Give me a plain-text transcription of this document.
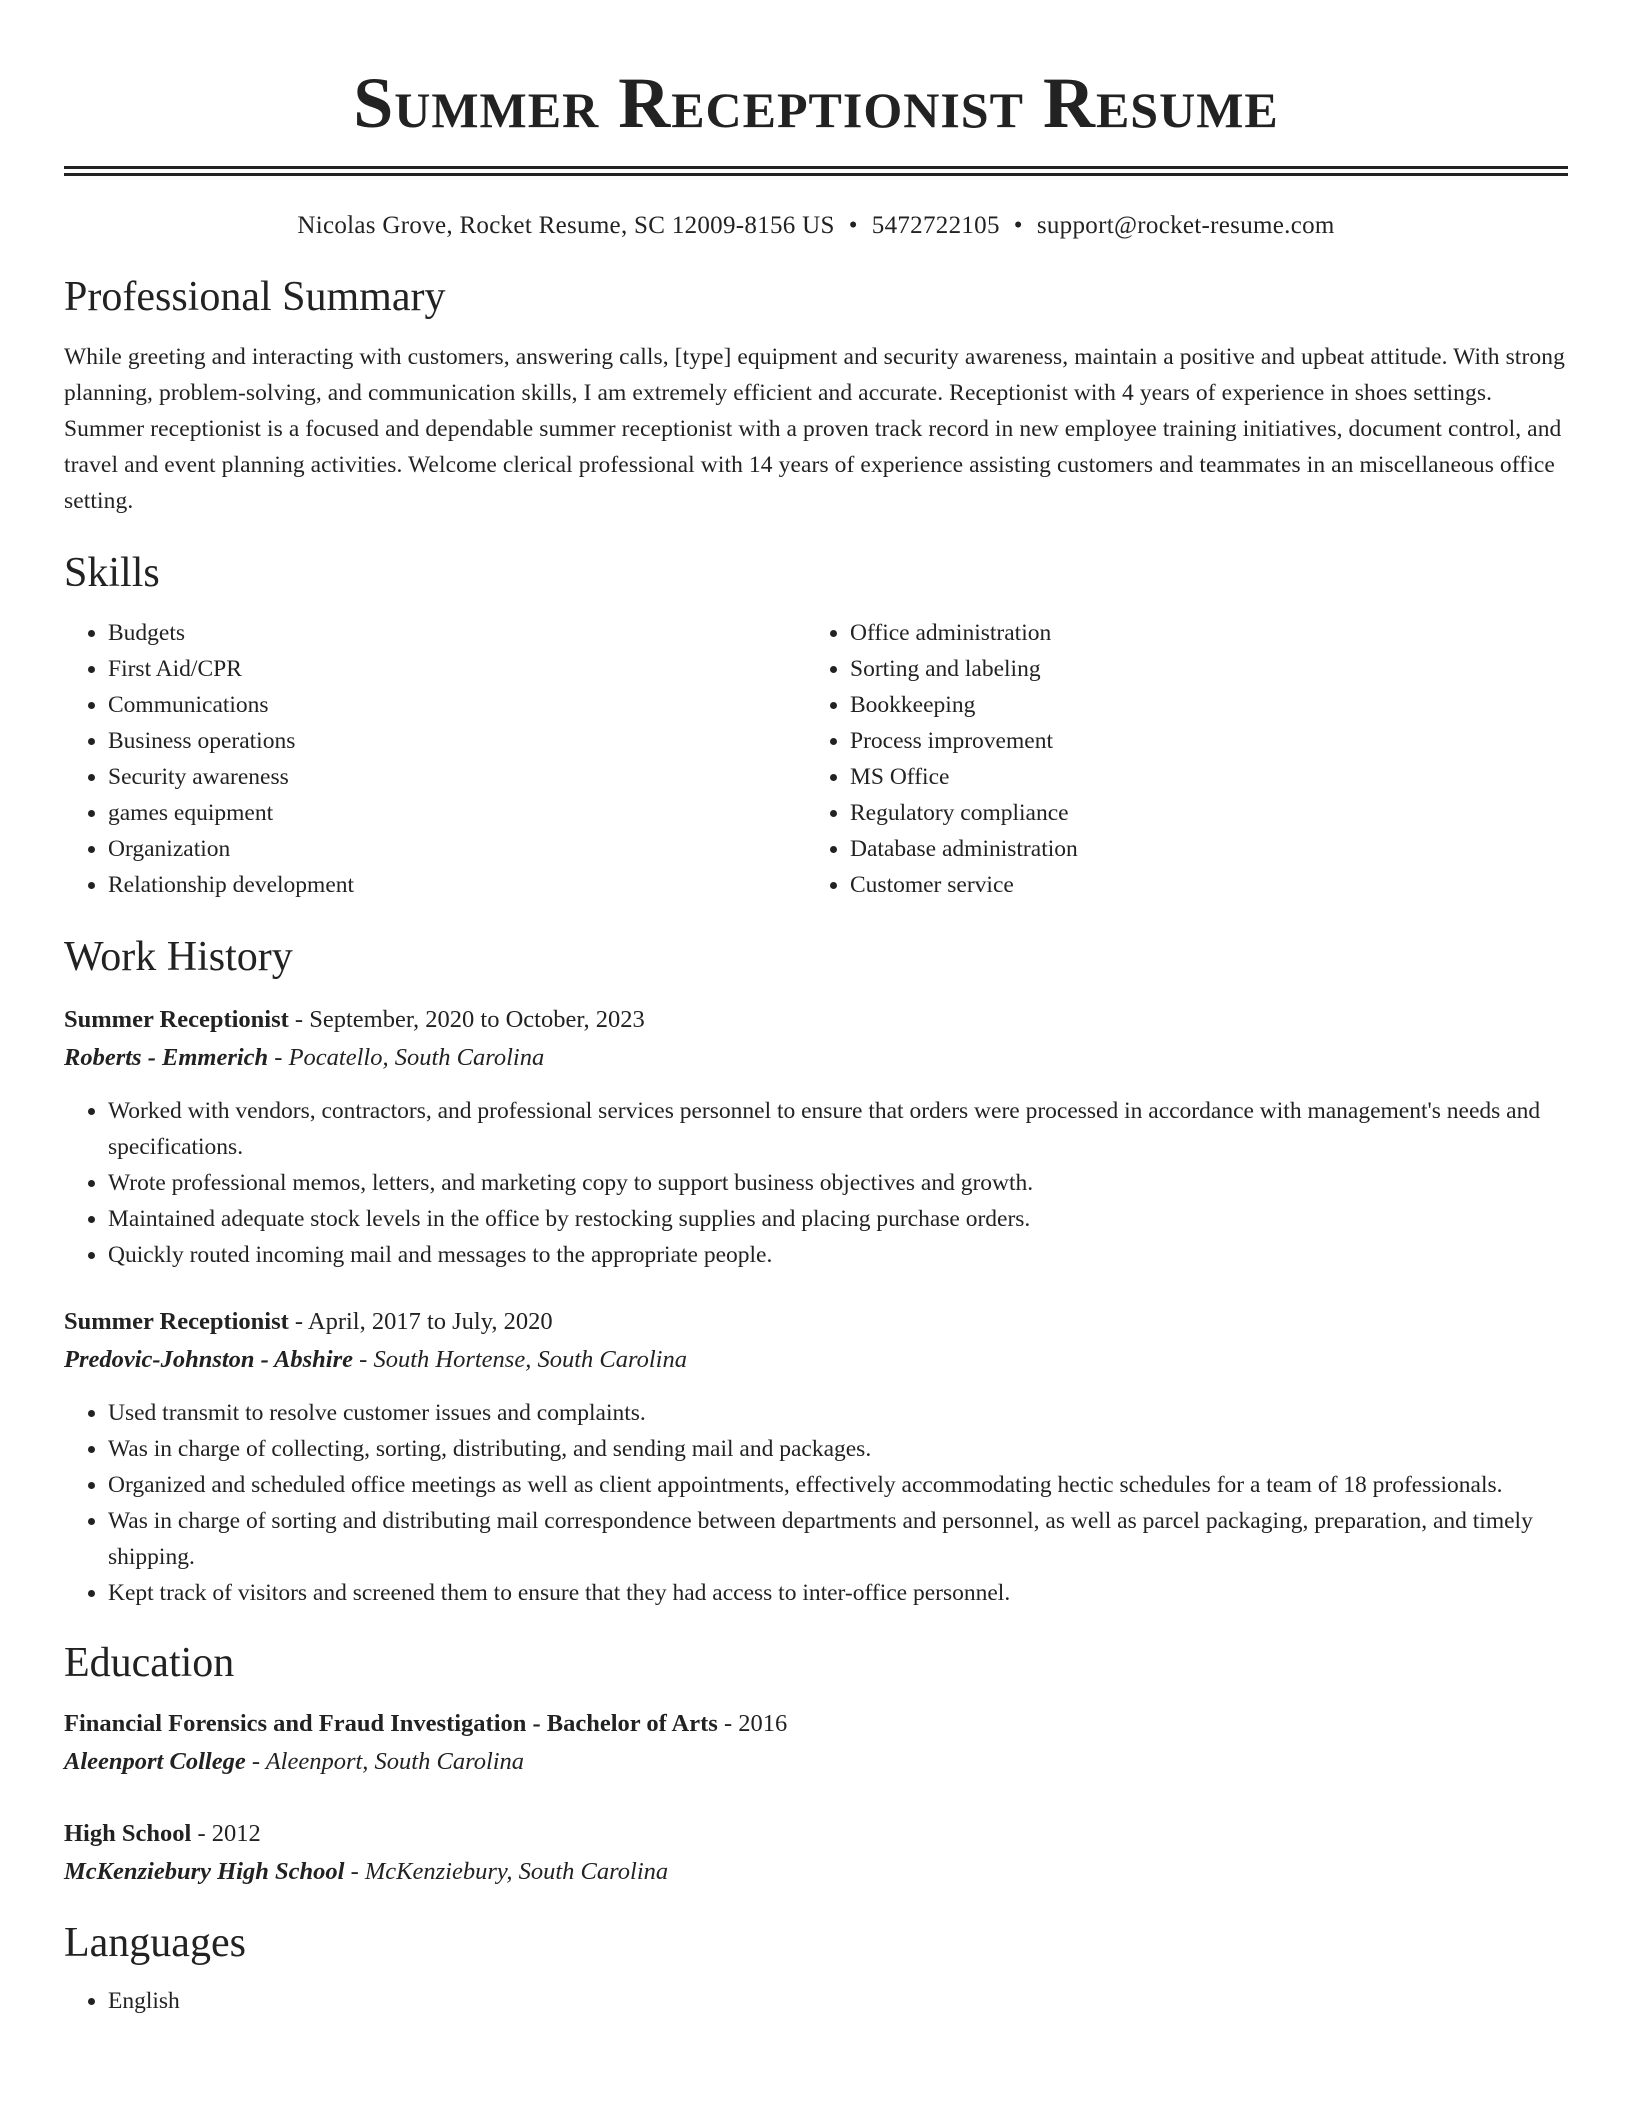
Summer Receptionist Resume
Nicolas Grove, Rocket Resume, SC 12009-8156 US • 5472722105 • support@rocket-resume.com
Professional Summary
While greeting and interacting with customers, answering calls, [type] equipment and security awareness, maintain a positive and upbeat attitude. With strong planning, problem-solving, and communication skills, I am extremely efficient and accurate. Receptionist with 4 years of experience in shoes settings. Summer receptionist is a focused and dependable summer receptionist with a proven track record in new employee training initiatives, document control, and travel and event planning activities. Welcome clerical professional with 14 years of experience assisting customers and teammates in an miscellaneous office setting.
Skills
• Budgets
• First Aid/CPR
• Communications
• Business operations
• Security awareness
• games equipment
• Organization
• Relationship development
• Office administration
• Sorting and labeling
• Bookkeeping
• Process improvement
• MS Office
• Regulatory compliance
• Database administration
• Customer service
Work History
Summer Receptionist - September, 2020 to October, 2023
Roberts - Emmerich - Pocatello, South Carolina
• Worked with vendors, contractors, and professional services personnel to ensure that orders were processed in accordance with management's needs and specifications.
• Wrote professional memos, letters, and marketing copy to support business objectives and growth.
• Maintained adequate stock levels in the office by restocking supplies and placing purchase orders.
• Quickly routed incoming mail and messages to the appropriate people.
Summer Receptionist - April, 2017 to July, 2020
Predovic-Johnston - Abshire - South Hortense, South Carolina
• Used transmit to resolve customer issues and complaints.
• Was in charge of collecting, sorting, distributing, and sending mail and packages.
• Organized and scheduled office meetings as well as client appointments, effectively accommodating hectic schedules for a team of 18 professionals.
• Was in charge of sorting and distributing mail correspondence between departments and personnel, as well as parcel packaging, preparation, and timely shipping.
• Kept track of visitors and screened them to ensure that they had access to inter-office personnel.
Education
Financial Forensics and Fraud Investigation - Bachelor of Arts - 2016
Aleenport College - Aleenport, South Carolina
High School - 2012
McKenziebury High School - McKenziebury, South Carolina
Languages
• English
